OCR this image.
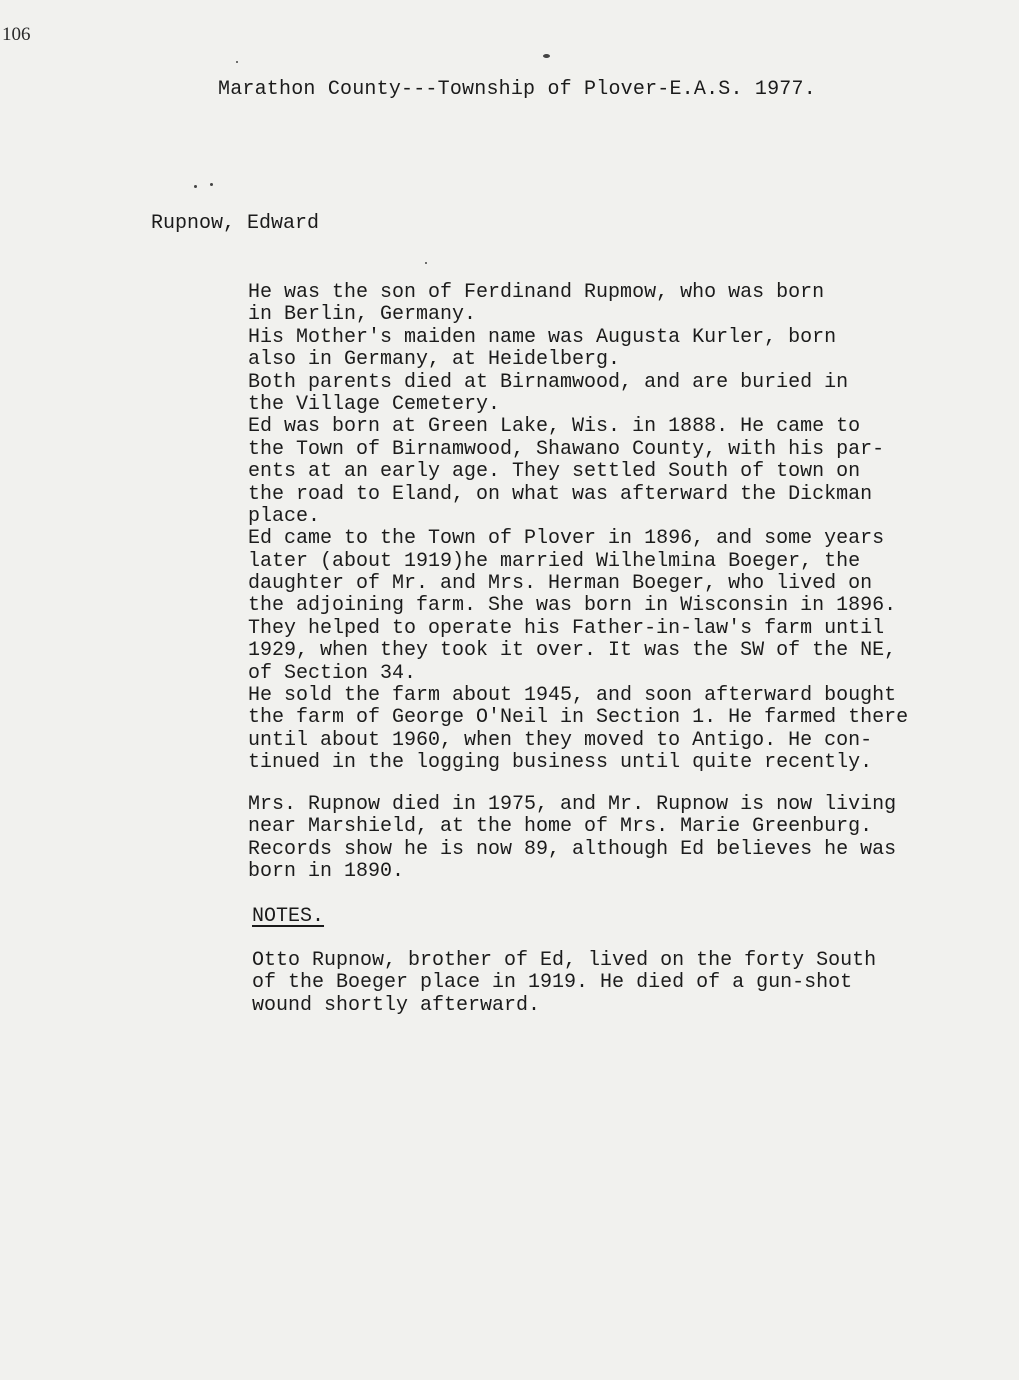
106
Marathon County---Township of Plover-E.A.S. 1977.
Rupnow, Edward
He was the son of Ferdinand Rupmow, who was born
in Berlin, Germany.
His Mother's maiden name was Augusta Kurler, born
also in Germany, at Heidelberg.
Both parents died at Birnamwood, and are buried in
the Village Cemetery.
Ed was born at Green Lake, Wis. in 1888. He came to
the Town of Birnamwood, Shawano County, with his par-
ents at an early age. They settled South of town on
the road to Eland, on what was afterward the Dickman
place.
Ed came to the Town of Plover in 1896, and some years
later (about 1919)he married Wilhelmina Boeger, the
daughter of Mr. and Mrs. Herman Boeger, who lived on
the adjoining farm. She was born in Wisconsin in 1896.
They helped to operate his Father-in-law's farm until
1929, when they took it over. It was the SW of the NE,
of Section 34.
He sold the farm about 1945, and soon afterward bought
the farm of George O'Neil in Section 1. He farmed there
until about 1960, when they moved to Antigo. He con-
tinued in the logging business until quite recently.
Mrs. Rupnow died in 1975, and Mr. Rupnow is now living
near Marshield, at the home of Mrs. Marie Greenburg.
Records show he is now 89, although Ed believes he was
born in 1890.
NOTES.
Otto Rupnow, brother of Ed, lived on the forty South
of the Boeger place in 1919. He died of a gun-shot
wound shortly afterward.
